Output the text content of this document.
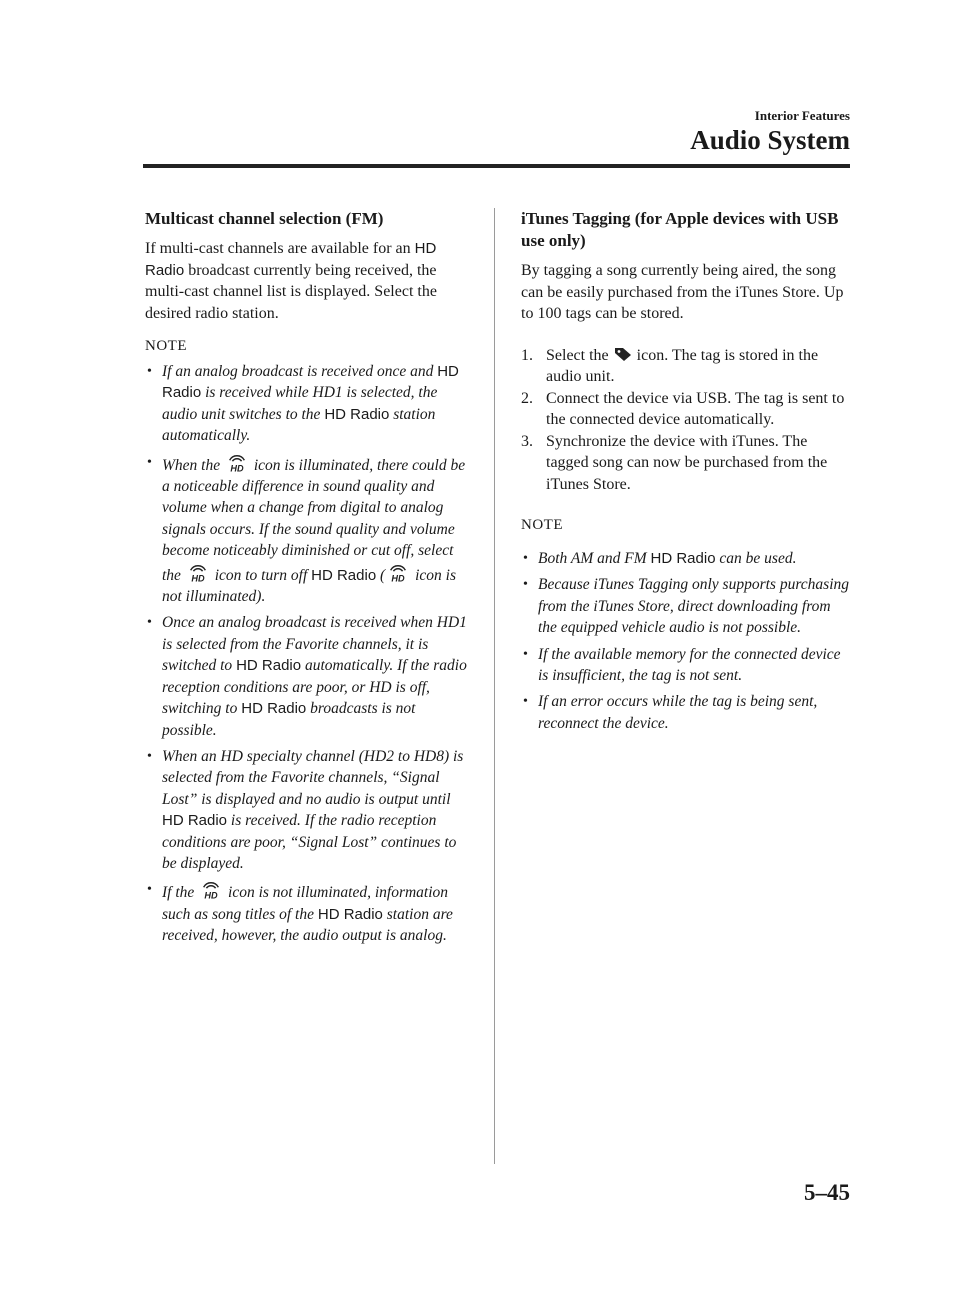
Interior Features
Audio System
Multicast channel selection (FM)

If multi-cast channels are available for an HD Radio broadcast currently being received, the multi-cast channel list is displayed. Select the desired radio station.

NOTE
• If an analog broadcast is received once and HD Radio is received while HD1 is selected, the audio unit switches to the HD Radio station automatically.
• When the  icon is illuminated, there could be a noticeable difference in sound quality and volume when a change from digital to analog signals occurs. If the sound quality and volume become noticeably diminished or cut off, select the  icon to turn off HD Radio ( icon is not illuminated).
• Once an analog broadcast is received when HD1 is selected from the Favorite channels, it is switched to HD Radio automatically. If the radio reception conditions are poor, or HD is off, switching to HD Radio broadcasts is not possible.
• When an HD specialty channel (HD2 to HD8) is selected from the Favorite channels, “Signal Lost” is displayed and no audio is output until HD Radio is received. If the radio reception conditions are poor, “Signal Lost” continues to be displayed.
• If the  icon is not illuminated, information such as song titles of the HD Radio station are received, however, the audio output is analog.
iTunes Tagging (for Apple devices with USB use only)

By tagging a song currently being aired, the song can be easily purchased from the iTunes Store. Up to 100 tags can be stored.

1. Select the  icon. The tag is stored in the audio unit.
2. Connect the device via USB. The tag is sent to the connected device automatically.
3. Synchronize the device with iTunes. The tagged song can now be purchased from the iTunes Store.
NOTE
• Both AM and FM HD Radio can be used.
• Because iTunes Tagging only supports purchasing from the iTunes Store, direct downloading from the equipped vehicle audio is not possible.
• If the available memory for the connected device is insufficient, the tag is not sent.
• If an error occurs while the tag is being sent, reconnect the device.
5–45
